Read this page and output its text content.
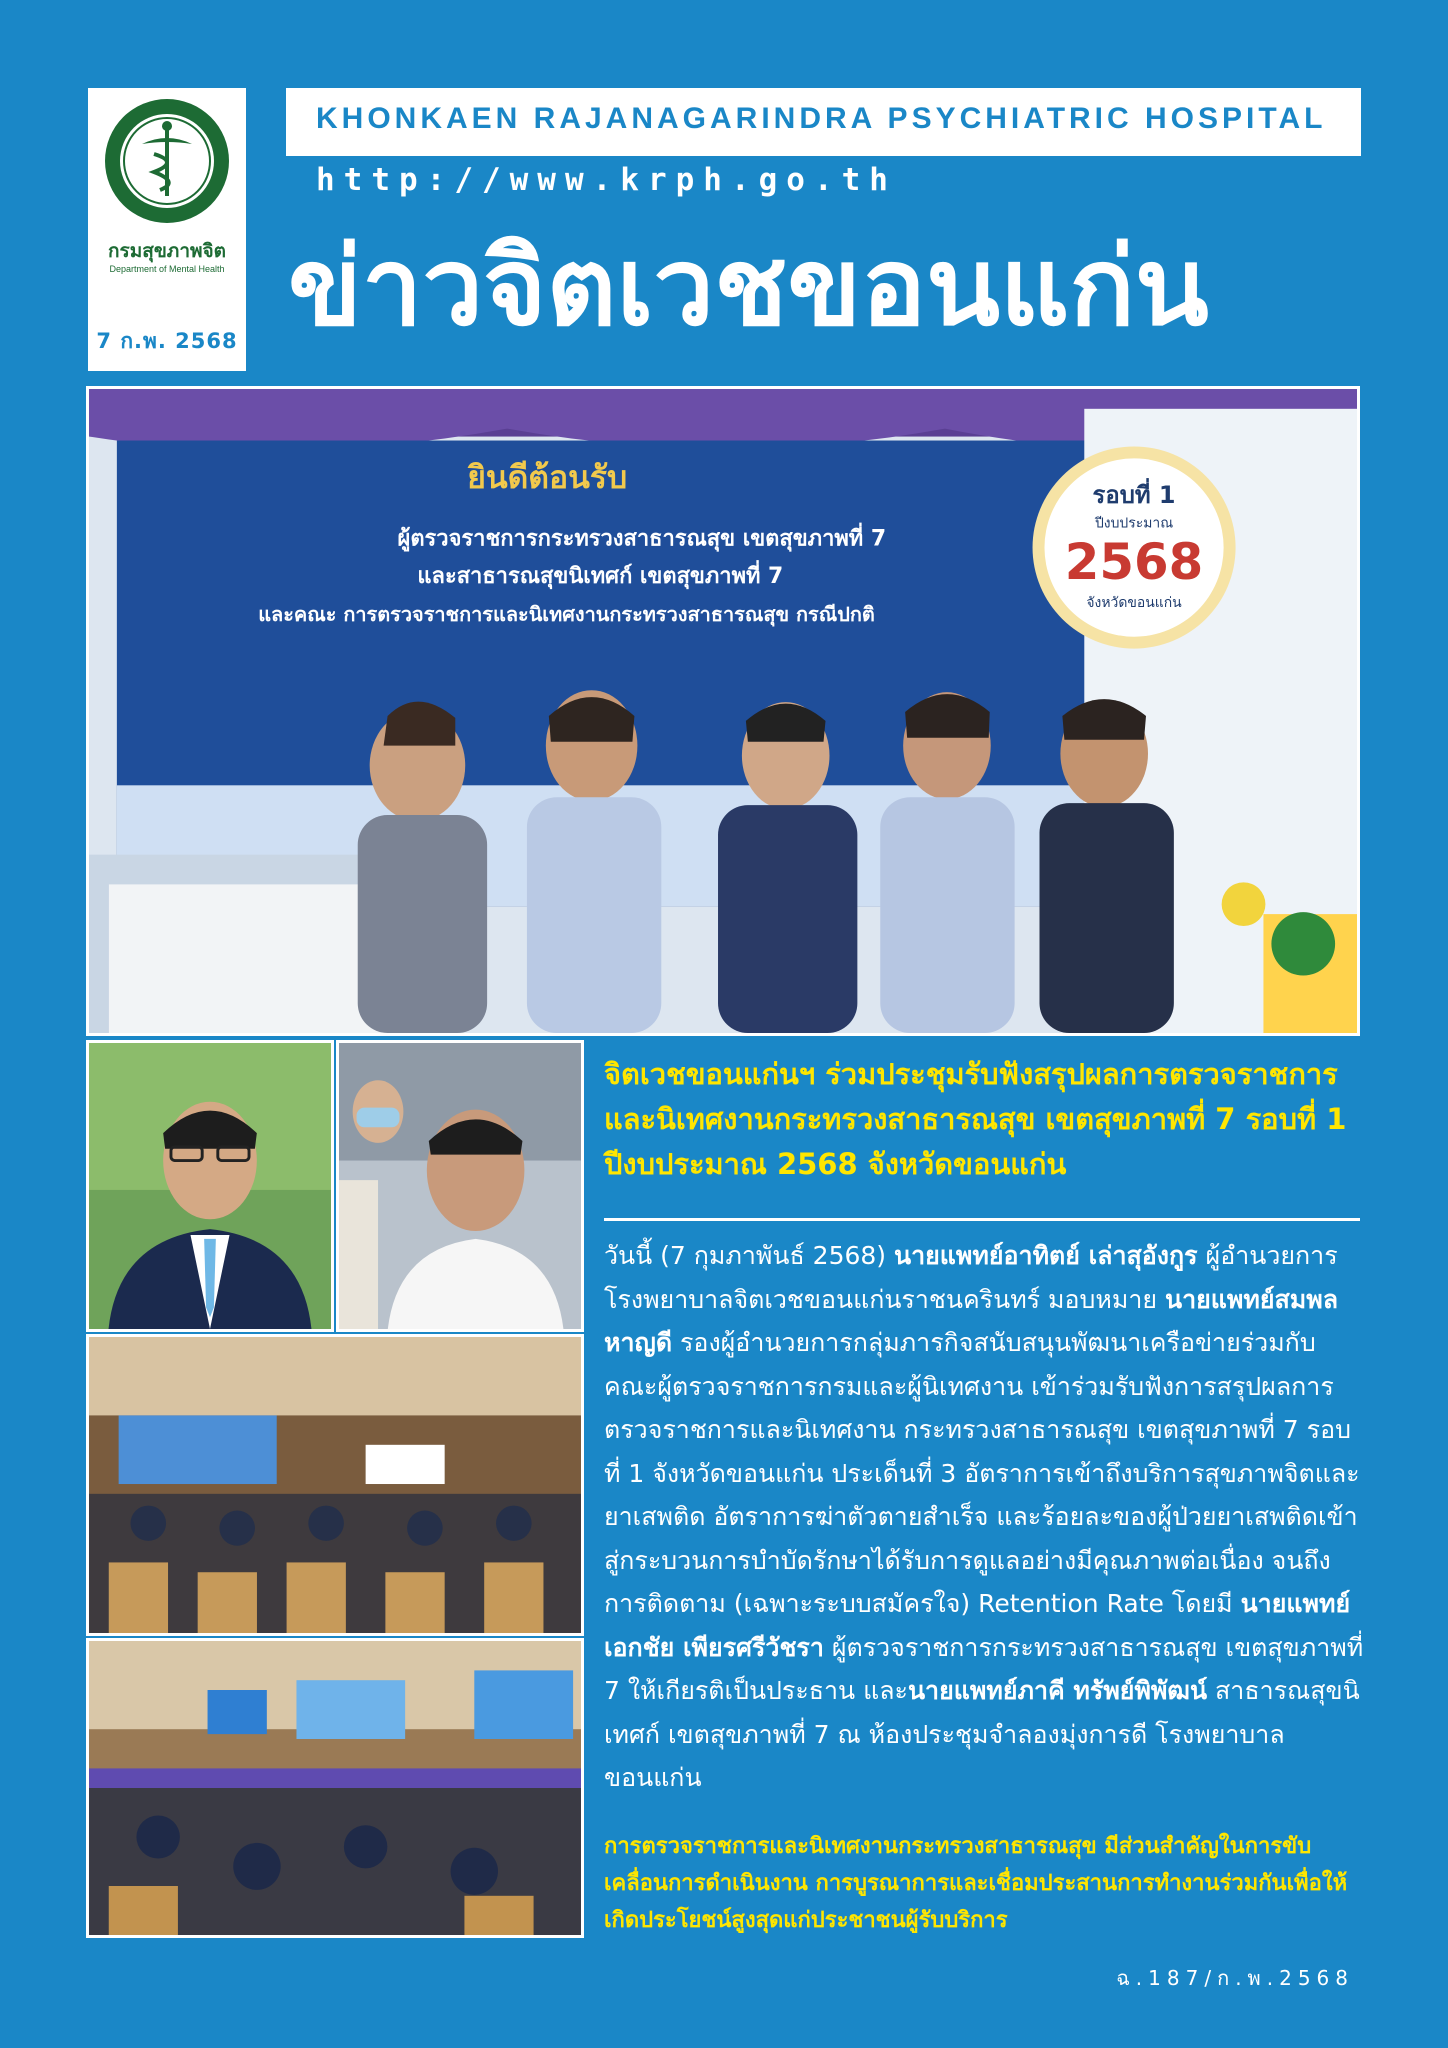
กรมสุขภาพจิต
Department of Mental Health
7 ก.พ. 2568
KHONKAEN RAJANAGARINDRA PSYCHIATRIC HOSPITAL
http://www.krph.go.th
ข่าวจิตเวชขอนแก่น
ยินดีต้อนรับ
ผู้ตรวจราชการกระทรวงสาธารณสุข เขตสุขภาพที่ 7
และสาธารณสุขนิเทศก์ เขตสุขภาพที่ 7
และคณะ การตรวจราชการและนิเทศงานกระทรวงสาธารณสุข กรณีปกติ
รอบที่ 1
ปีงบประมาณ
2568
จังหวัดขอนแก่น
จิตเวชขอนแก่นฯ ร่วมประชุมรับฟังสรุปผลการตรวจราชการและนิเทศงานกระทรวงสาธารณสุข เขตสุขภาพที่ 7 รอบที่ 1 ปีงบประมาณ 2568 จังหวัดขอนแก่น
วันนี้ (7 กุมภาพันธ์ 2568) นายแพทย์อาทิตย์ เล่าสุอังกูร ผู้อำนวยการโรงพยาบาลจิตเวชขอนแก่นราชนครินทร์ มอบหมาย นายแพทย์สมพล หาญดี รองผู้อำนวยการกลุ่มภารกิจสนับสนุนพัฒนาเครือข่ายร่วมกับคณะผู้ตรวจราชการกรมและผู้นิเทศงาน เข้าร่วมรับฟังการสรุปผลการตรวจราชการและนิเทศงาน กระทรวงสาธารณสุข เขตสุขภาพที่ 7 รอบที่ 1 จังหวัดขอนแก่น ประเด็นที่ 3 อัตราการเข้าถึงบริการสุขภาพจิตและยาเสพติด อัตราการฆ่าตัวตายสำเร็จ และร้อยละของผู้ป่วยยาเสพติดเข้าสู่กระบวนการบำบัดรักษาได้รับการดูแลอย่างมีคุณภาพต่อเนื่อง จนถึงการติดตาม (เฉพาะระบบสมัครใจ) Retention Rate โดยมี นายแพทย์เอกชัย เพียรศรีวัชรา ผู้ตรวจราชการกระทรวงสาธารณสุข เขตสุขภาพที่ 7 ให้เกียรติเป็นประธาน และนายแพทย์ภาคี ทรัพย์พิพัฒน์ สาธารณสุขนิเทศก์ เขตสุขภาพที่ 7 ณ ห้องประชุมจำลองมุ่งการดี โรงพยาบาลขอนแก่น
การตรวจราชการและนิเทศงานกระทรวงสาธารณสุข มีส่วนสำคัญในการขับเคลื่อนการดำเนินงาน การบูรณาการและเชื่อมประสานการทำงานร่วมกันเพื่อให้เกิดประโยชน์สูงสุดแก่ประชาชนผู้รับบริการ
ฉ.187/ก.พ.2568
